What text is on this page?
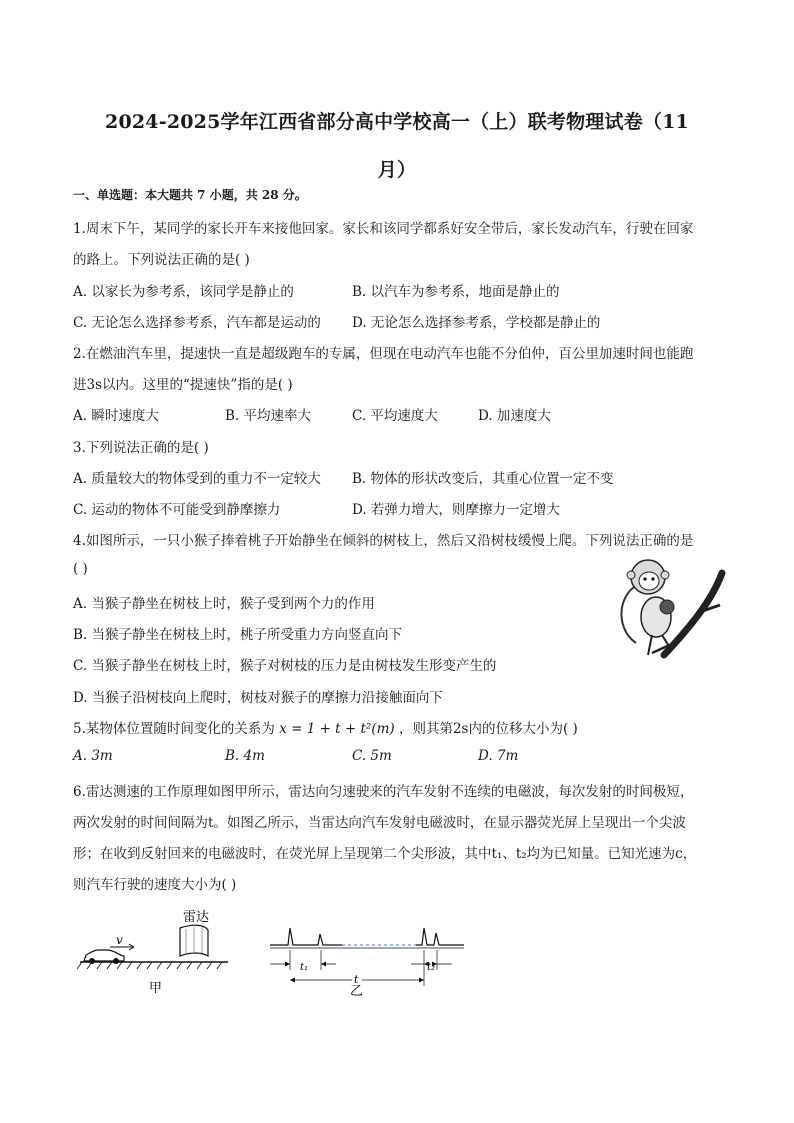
2024-2025学年江西省部分高中学校高一（上）联考物理试卷（11
月）
一、单选题：本大题共 7 小题，共 28 分。
1.周末下午，某同学的家长开车来接他回家。家长和该同学都系好安全带后，家长发动汽车，行驶在回家
的路上。下列说法正确的是( )
A. 以家长为参考系，该同学是静止的	B. 以汽车为参考系，地面是静止的
C. 无论怎么选择参考系，汽车都是运动的 D. 无论怎么选择参考系，学校都是静止的
2.在燃油汽车里，提速快一直是超级跑车的专属，但现在电动汽车也能不分伯仲，百公里加速时间也能跑
进3s以内。这里的“提速快”指的是( )
A. 瞬时速度大	B. 平均速率大	C. 平均速度大	D. 加速度大
3.下列说法正确的是( )
A. 质量较大的物体受到的重力不一定较大 B. 物体的形状改变后，其重心位置一定不变
C. 运动的物体不可能受到静摩擦力	D. 若弹力增大，则摩擦力一定增大
4.如图所示，一只小猴子捧着桃子开始静坐在倾斜的树枝上，然后又沿树枝缓慢上爬。下列说法正确的是
( )
A. 当猴子静坐在树枝上时，猴子受到两个力的作用
B. 当猴子静坐在树枝上时，桃子所受重力方向竖直向下
C. 当猴子静坐在树枝上时，猴子对树枝的压力是由树枝发生形变产生的
D. 当猴子沿树枝向上爬时，树枝对猴子的摩擦力沿接触面向下
5.某物体位置随时间变化的关系为 x = 1 + t + t²(m) ，则其第2s内的位移大小为( )
A. 3m	B. 4m	C. 5m	D. 7m
6.雷达测速的工作原理如图甲所示，雷达向匀速驶来的汽车发射不连续的电磁波，每次发射的时间极短，
两次发射的时间间隔为t。如图乙所示，当雷达向汽车发射电磁波时，在显示器荧光屏上呈现出一个尖波
形；在收到反射回来的电磁波时，在荧光屏上呈现第二个尖形波，其中t₁、t₂均为已知量。已知光速为c，
则汽车行驶的速度大小为( )
雷达
v
甲
t₁	t₂
t
乙
